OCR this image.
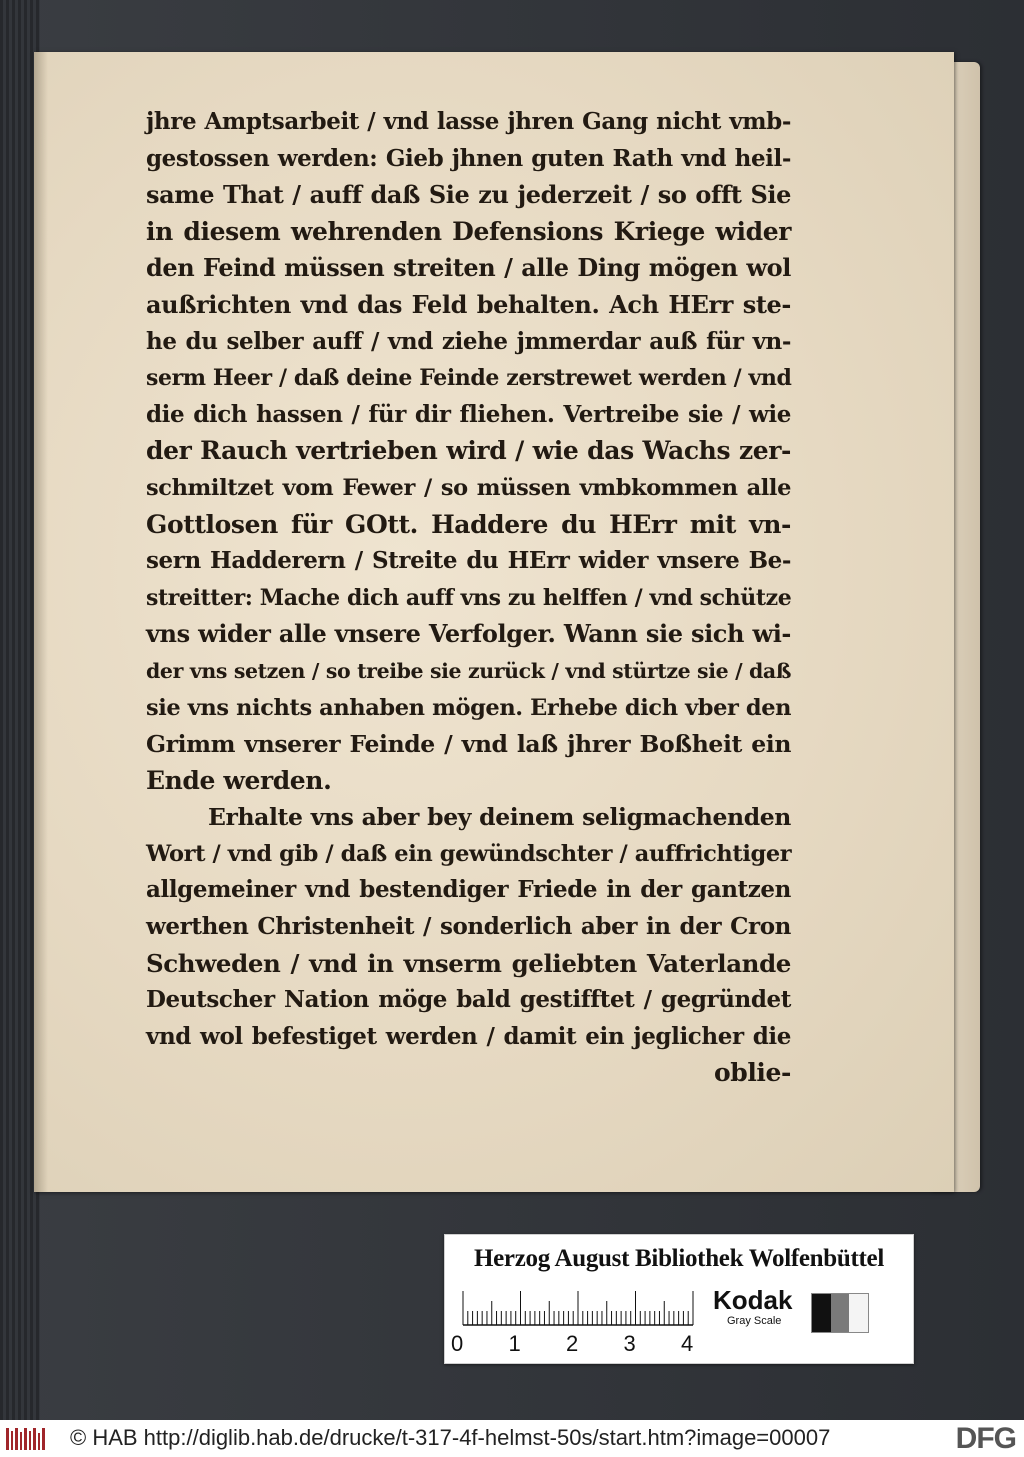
jhre Amptsarbeit / vnd lasse jhren Gang nicht vmb-
gestossen werden: Gieb jhnen guten Rath vnd heil-
same That / auff daß Sie zu jederzeit / so offt Sie
in diesem wehrenden Defensions Kriege wider
den Feind müssen streiten / alle Ding mögen wol
außrichten vnd das Feld behalten. Ach HErr ste-
he du selber auff / vnd ziehe jmmerdar auß für vn-
serm Heer / daß deine Feinde zerstrewet werden / vnd
die dich hassen / für dir fliehen. Vertreibe sie / wie
der Rauch vertrieben wird / wie das Wachs zer-
schmiltzet vom Fewer / so müssen vmbkommen alle
Gottlosen für GOtt. Haddere du HErr mit vn-
sern Hadderern / Streite du HErr wider vnsere Be-
streitter: Mache dich auff vns zu helffen / vnd schütze
vns wider alle vnsere Verfolger. Wann sie sich wi-
der vns setzen / so treibe sie zurück / vnd stürtze sie / daß
sie vns nichts anhaben mögen. Erhebe dich vber den
Grimm vnserer Feinde / vnd laß jhrer Boßheit ein
Ende werden.
Erhalte vns aber bey deinem seligmachenden
Wort / vnd gib / daß ein gewündschter / auffrichtiger
allgemeiner vnd bestendiger Friede in der gantzen
werthen Christenheit / sonderlich aber in der Cron
Schweden / vnd in vnserm geliebten Vaterlande
Deutscher Nation möge bald gestifftet / gegründet
vnd wol befestiget werden / damit ein jeglicher die
oblie-
Herzog August Bibliothek Wolfenbüttel
0 1 2 3 4
Kodak
Gray Scale
© HAB http://diglib.hab.de/drucke/t-317-4f-helmst-50s/start.htm?image=00007	DFG
